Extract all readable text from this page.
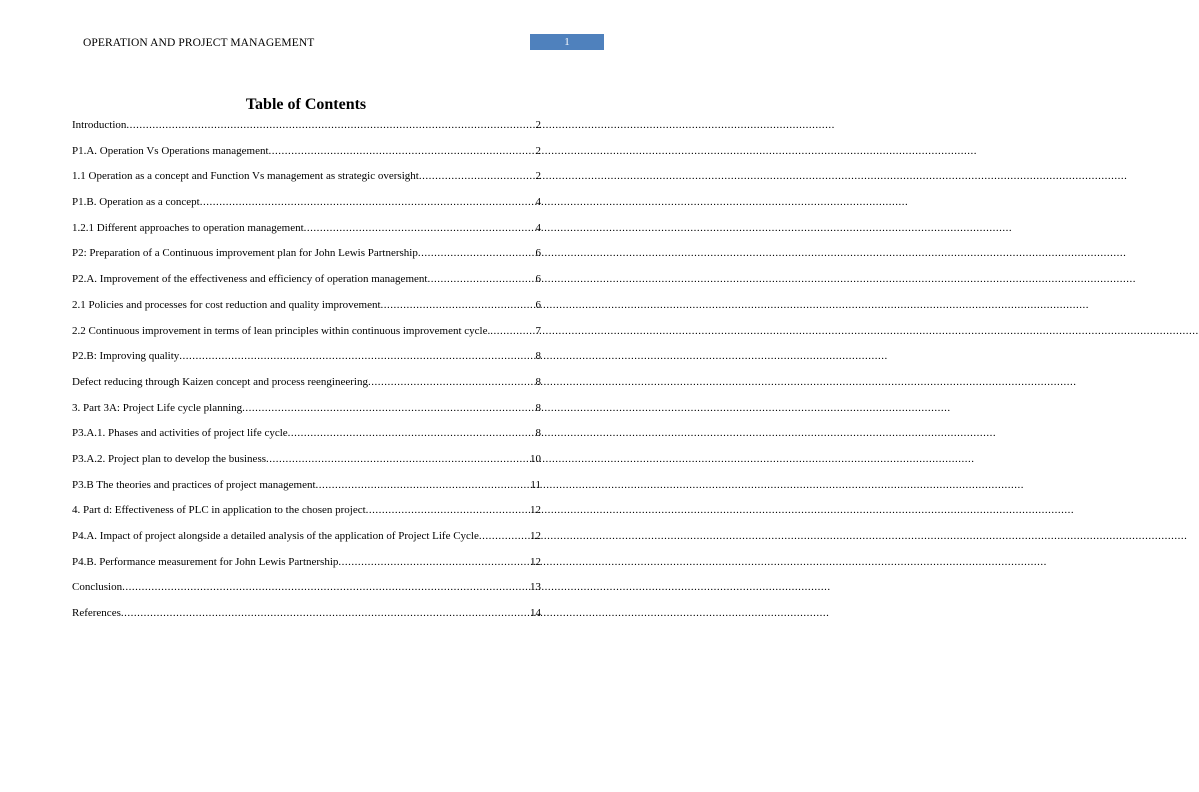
OPERATION AND PROJECT MANAGEMENT	1
Table of Contents
Introduction .....	2
P1.A. Operation Vs Operations management .....	2
1.1 Operation as a concept and Function Vs management as strategic oversight .....	2
P1.B. Operation as a concept .....	4
1.2.1 Different approaches to operation management .....	4
P2: Preparation of a Continuous improvement plan for John Lewis Partnership .....	6
P2.A. Improvement of the effectiveness and efficiency of operation management .....	6
2.1 Policies and processes for cost reduction and quality improvement .....	6
2.2 Continuous improvement in terms of lean principles within continuous improvement cycle. .....	7
P2.B: Improving quality .....	8
Defect reducing through Kaizen concept and process reengineering .....	8
3. Part 3A: Project Life cycle planning .....	8
P3.A.1. Phases and activities of project life cycle .....	8
P3.A.2. Project plan to develop the business .....	10
P3.B The theories and practices of project management .....	11
4. Part d: Effectiveness of PLC in application to the chosen project .....	12
P4.A. Impact of project alongside a detailed analysis of the application of Project Life Cycle .....	12
P4.B. Performance measurement for John Lewis Partnership .....	12
Conclusion .....	13
References .....	14
